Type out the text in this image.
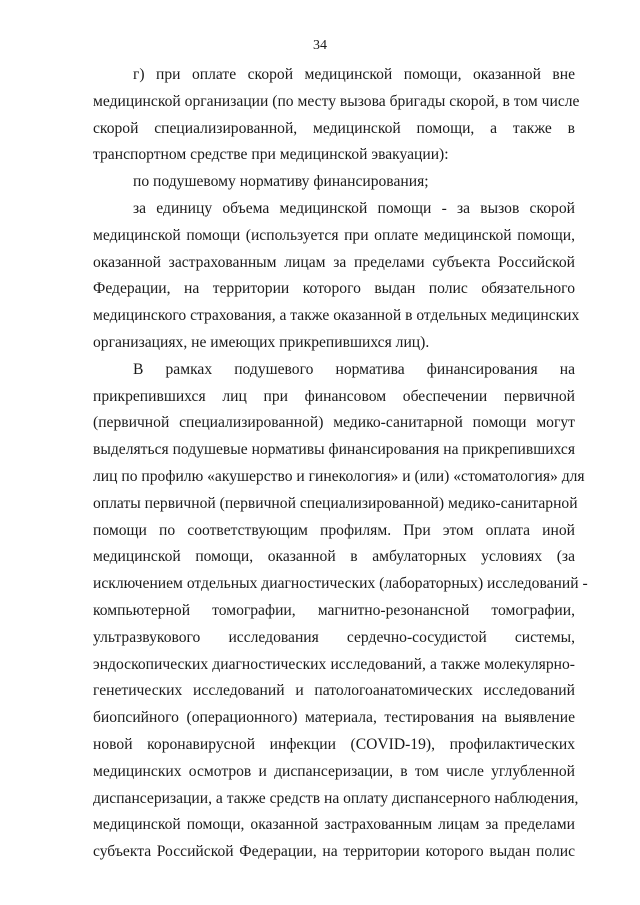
34
г) при оплате скорой медицинской помощи, оказанной вне
медицинской организации (по месту вызова бригады скорой, в том числе
скорой специализированной, медицинской помощи, а также в
транспортном средстве при медицинской эвакуации):
по подушевому нормативу финансирования;
за единицу объема медицинской помощи - за вызов скорой
медицинской помощи (используется при оплате медицинской помощи,
оказанной застрахованным лицам за пределами субъекта Российской
Федерации, на территории которого выдан полис обязательного
медицинского страхования, а также оказанной в отдельных медицинских
организациях, не имеющих прикрепившихся лиц).
В рамках подушевого норматива финансирования на
прикрепившихся лиц при финансовом обеспечении первичной
(первичной специализированной) медико-санитарной помощи могут
выделяться подушевые нормативы финансирования на прикрепившихся
лиц по профилю «акушерство и гинекология» и (или) «стоматология» для
оплаты первичной (первичной специализированной) медико-санитарной
помощи по соответствующим профилям. При этом оплата иной
медицинской помощи, оказанной в амбулаторных условиях (за
исключением отдельных диагностических (лабораторных) исследований -
компьютерной томографии, магнитно-резонансной томографии,
ультразвукового исследования сердечно-сосудистой системы,
эндоскопических диагностических исследований, а также молекулярно-
генетических исследований и патологоанатомических исследований
биопсийного (операционного) материала, тестирования на выявление
новой коронавирусной инфекции (COVID-19), профилактических
медицинских осмотров и диспансеризации, в том числе углубленной
диспансеризации, а также средств на оплату диспансерного наблюдения,
медицинской помощи, оказанной застрахованным лицам за пределами
субъекта Российской Федерации, на территории которого выдан полис
